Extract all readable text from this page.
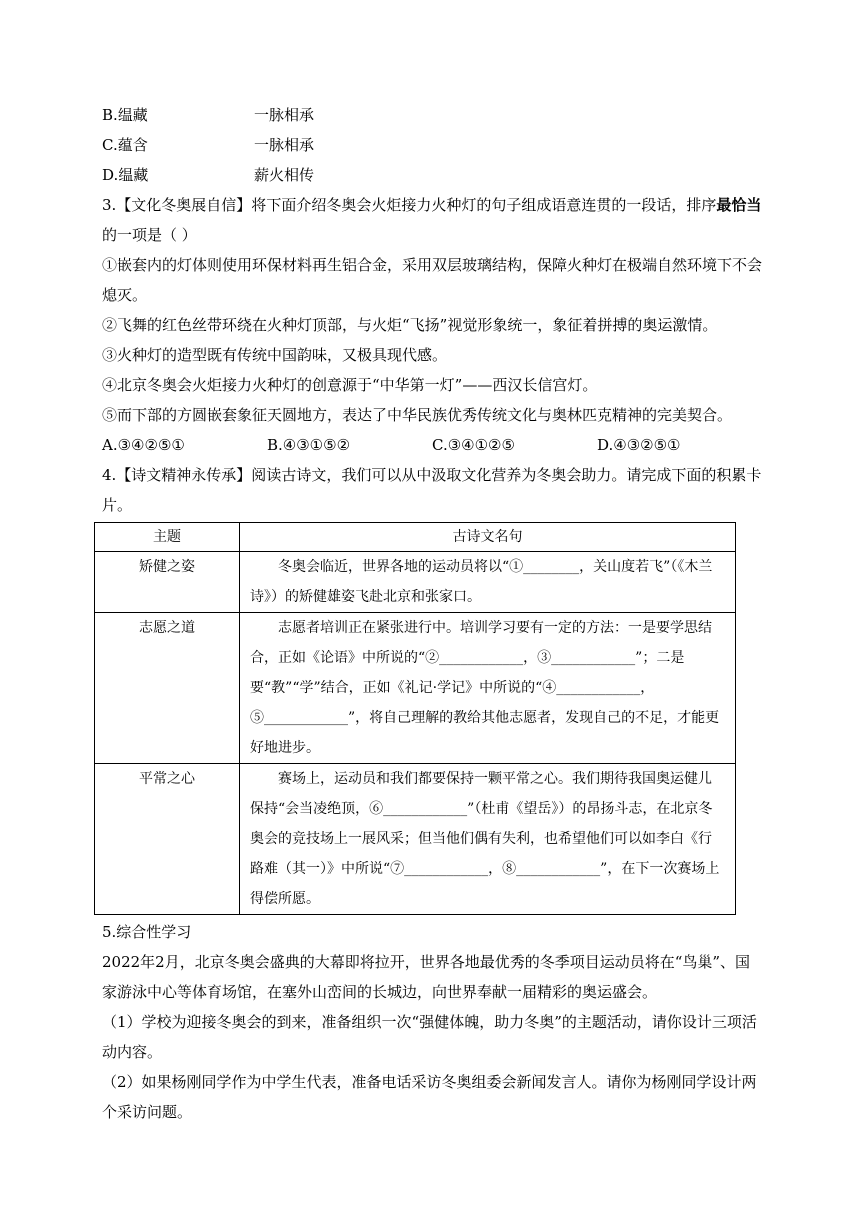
B.缊藏	一脉相承
C.蕴含	一脉相承
D.缊藏	薪火相传
3.【文化冬奥展自信】将下面介绍冬奥会火炬接力火种灯的句子组成语意连贯的一段话，排序最恰当的一项是（ ）
①嵌套内的灯体则使用环保材料再生铝合金，采用双层玻璃结构，保障火种灯在极端自然环境下不会熄灭。
②飞舞的红色丝带环绕在火种灯顶部，与火炬“飞扬”视觉形象统一，象征着拼搏的奥运激情。
③火种灯的造型既有传统中国韵味，又极具现代感。
④北京冬奥会火炬接力火种灯的创意源于“中华第一灯”——西汉长信宫灯。
⑤而下部的方圆嵌套象征天圆地方，表达了中华民族优秀传统文化与奥林匹克精神的完美契合。
A.③④②⑤①	B.④③①⑤②	C.③④①②⑤	D.④③②⑤①
4.【诗文精神永传承】阅读古诗文，我们可以从中汲取文化营养为冬奥会助力。请完成下面的积累卡片。
主题	古诗文名句
矫健之姿	冬奥会临近，世界各地的运动员将以“①________，关山度若飞”（《木兰诗》）的矫健雄姿飞赴北京和张家口。
志愿之道	志愿者培训正在紧张进行中。培训学习要有一定的方法：一是要学思结合，正如《论语》中所说的“②____________，③____________”；二是要“教”“学”结合，正如《礼记·学记》中所说的“④____________，⑤____________”，将自己理解的教给其他志愿者，发现自己的不足，才能更好地进步。
平常之心	赛场上，运动员和我们都要保持一颗平常之心。我们期待我国奥运健儿保持“会当凌绝顶，⑥____________”（杜甫《望岳》）的昂扬斗志，在北京冬奥会的竞技场上一展风采；但当他们偶有失利，也希望他们可以如李白《行路难（其一）》中所说“⑦____________，⑧____________”，在下一次赛场上得偿所愿。
5.综合性学习
2022年2月，北京冬奥会盛典的大幕即将拉开，世界各地最优秀的冬季项目运动员将在“鸟巢”、国家游泳中心等体育场馆，在塞外山峦间的长城边，向世界奉献一届精彩的奥运盛会。
（1）学校为迎接冬奥会的到来，准备组织一次“强健体魄，助力冬奥”的主题活动，请你设计三项活动内容。
（2）如果杨刚同学作为中学生代表，准备电话采访冬奥组委会新闻发言人。请你为杨刚同学设计两个采访问题。
